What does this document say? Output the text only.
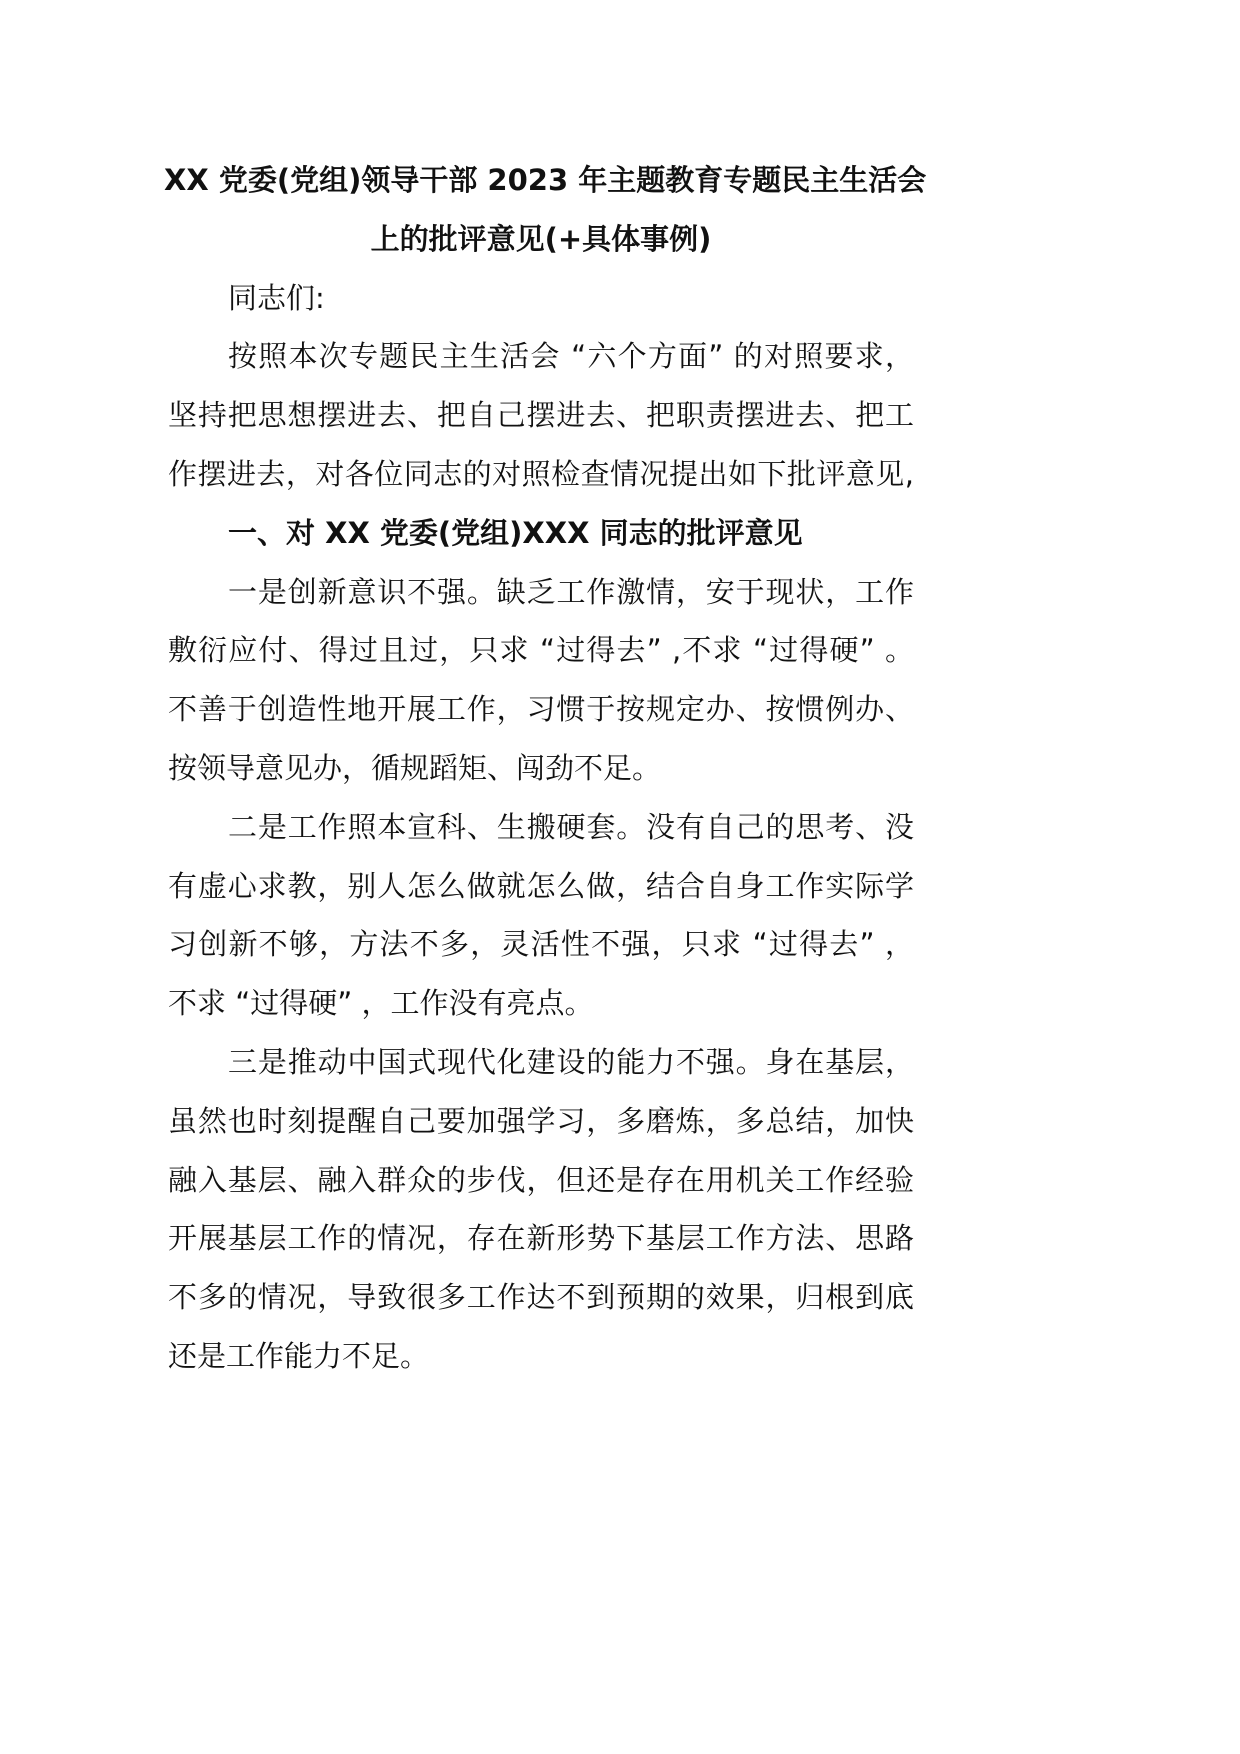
XX 党委(党组)领导干部 2023 年主题教育专题民主生活会
上的批评意见(+具体事例)
同志们:
按照本次专题民主生活会 “六个方面” 的对照要求，
坚持把思想摆进去、把自己摆进去、把职责摆进去、把工
作摆进去，对各位同志的对照检查情况提出如下批评意见,
一、对 XX 党委(党组)XXX 同志的批评意见
一是创新意识不强。缺乏工作激情，安于现状，工作
敷衍应付、得过且过，只求 “过得去” ,不求 “过得硬” 。
不善于创造性地开展工作，习惯于按规定办、按惯例办、
按领导意见办，循规蹈矩、闯劲不足。
二是工作照本宣科、生搬硬套。没有自己的思考、没
有虚心求教，别人怎么做就怎么做，结合自身工作实际学
习创新不够，方法不多，灵活性不强，只求 “过得去” ，
不求 “过得硬” ，工作没有亮点。
三是推动中国式现代化建设的能力不强。身在基层，
虽然也时刻提醒自己要加强学习，多磨炼，多总结，加快
融入基层、融入群众的步伐，但还是存在用机关工作经验
开展基层工作的情况，存在新形势下基层工作方法、思路
不多的情况，导致很多工作达不到预期的效果，归根到底
还是工作能力不足。
